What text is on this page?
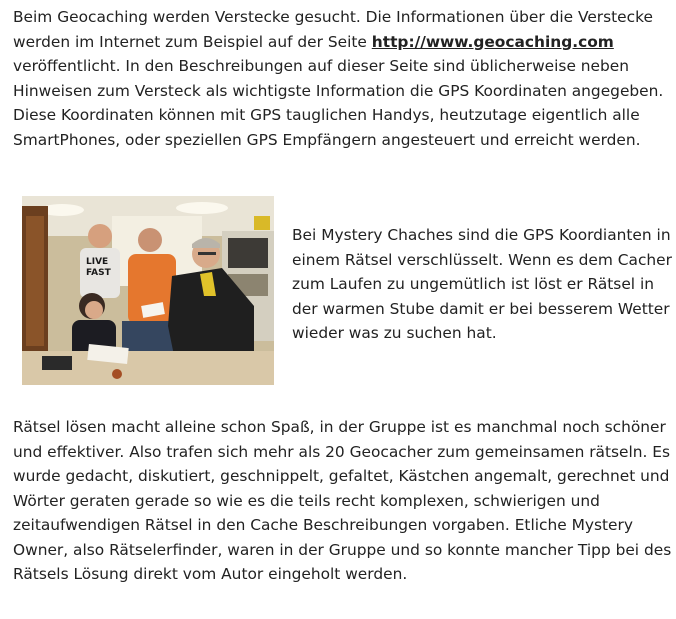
Beim Geocaching werden Verstecke gesucht. Die Informationen über die Verstecke werden im Internet zum Beispiel auf der Seite http://www.geocaching.com veröffentlicht. In den Beschreibungen auf dieser Seite sind üblicherweise neben Hinweisen zum Versteck als wichtigste Information die GPS Koordinaten angegeben. Diese Koordinaten können mit GPS tauglichen Handys, heutzutage eigentlich alle SmartPhones, oder speziellen GPS Empfängern angesteuert und erreicht werden.

LIVE
FAST

Bei Mystery Chaches sind die GPS Koordianten in einem Rätsel verschlüsselt. Wenn es dem Cacher zum Laufen zu ungemütlich ist löst er Rätsel in der warmen Stube damit er bei besserem Wetter wieder was zu suchen hat.

Rätsel lösen macht alleine schon Spaß, in der Gruppe ist es manchmal noch schöner und effektiver. Also trafen sich mehr als 20 Geocacher zum gemeinsamen rätseln. Es wurde gedacht, diskutiert, geschnippelt, gefaltet, Kästchen angemalt, gerechnet und Wörter geraten gerade so wie es die teils recht komplexen, schwierigen und zeitaufwendigen Rätsel in den Cache Beschreibungen vorgaben. Etliche Mystery Owner, also Rätselerfinder, waren in der Gruppe und so konnte mancher Tipp bei des Rätsels Lösung direkt vom Autor eingeholt werden.
